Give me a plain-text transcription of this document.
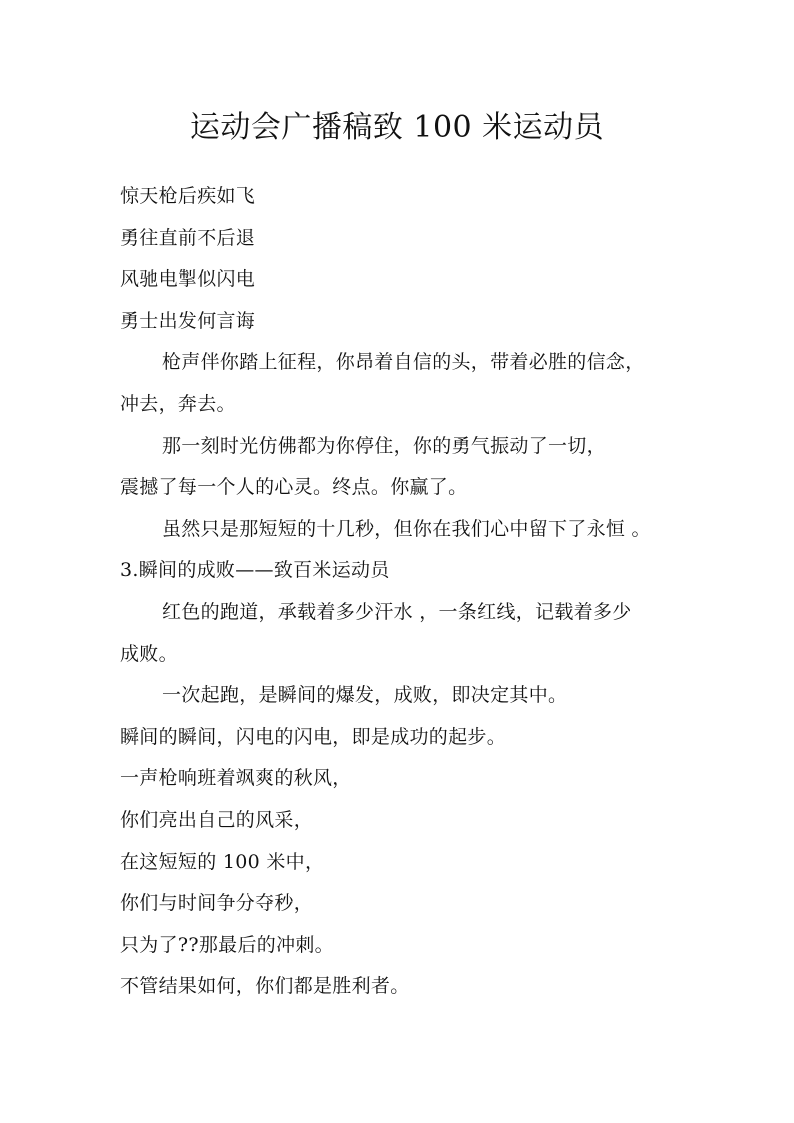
运动会广播稿致 100 米运动员

惊天枪后疾如飞

勇往直前不后退

风驰电掣似闪电

勇士出发何言诲

枪声伴你踏上征程，你昂着自信的头，带着必胜的信念，

冲去，奔去。

那一刻时光仿佛都为你停住，你的勇气振动了一切，

震撼了每一个人的心灵。终点。你赢了。

虽然只是那短短的十几秒，但你在我们心中留下了永恒 。

3.瞬间的成败——致百米运动员

红色的跑道，承载着多少汗水 ，一条红线，记载着多少

成败。

一次起跑，是瞬间的爆发，成败，即决定其中。

瞬间的瞬间，闪电的闪电，即是成功的起步。

一声枪响班着飒爽的秋风，

你们亮出自己的风采，

在这短短的 100 米中，

你们与时间争分夺秒，

只为了??那最后的冲刺。

不管结果如何，你们都是胜利者。
